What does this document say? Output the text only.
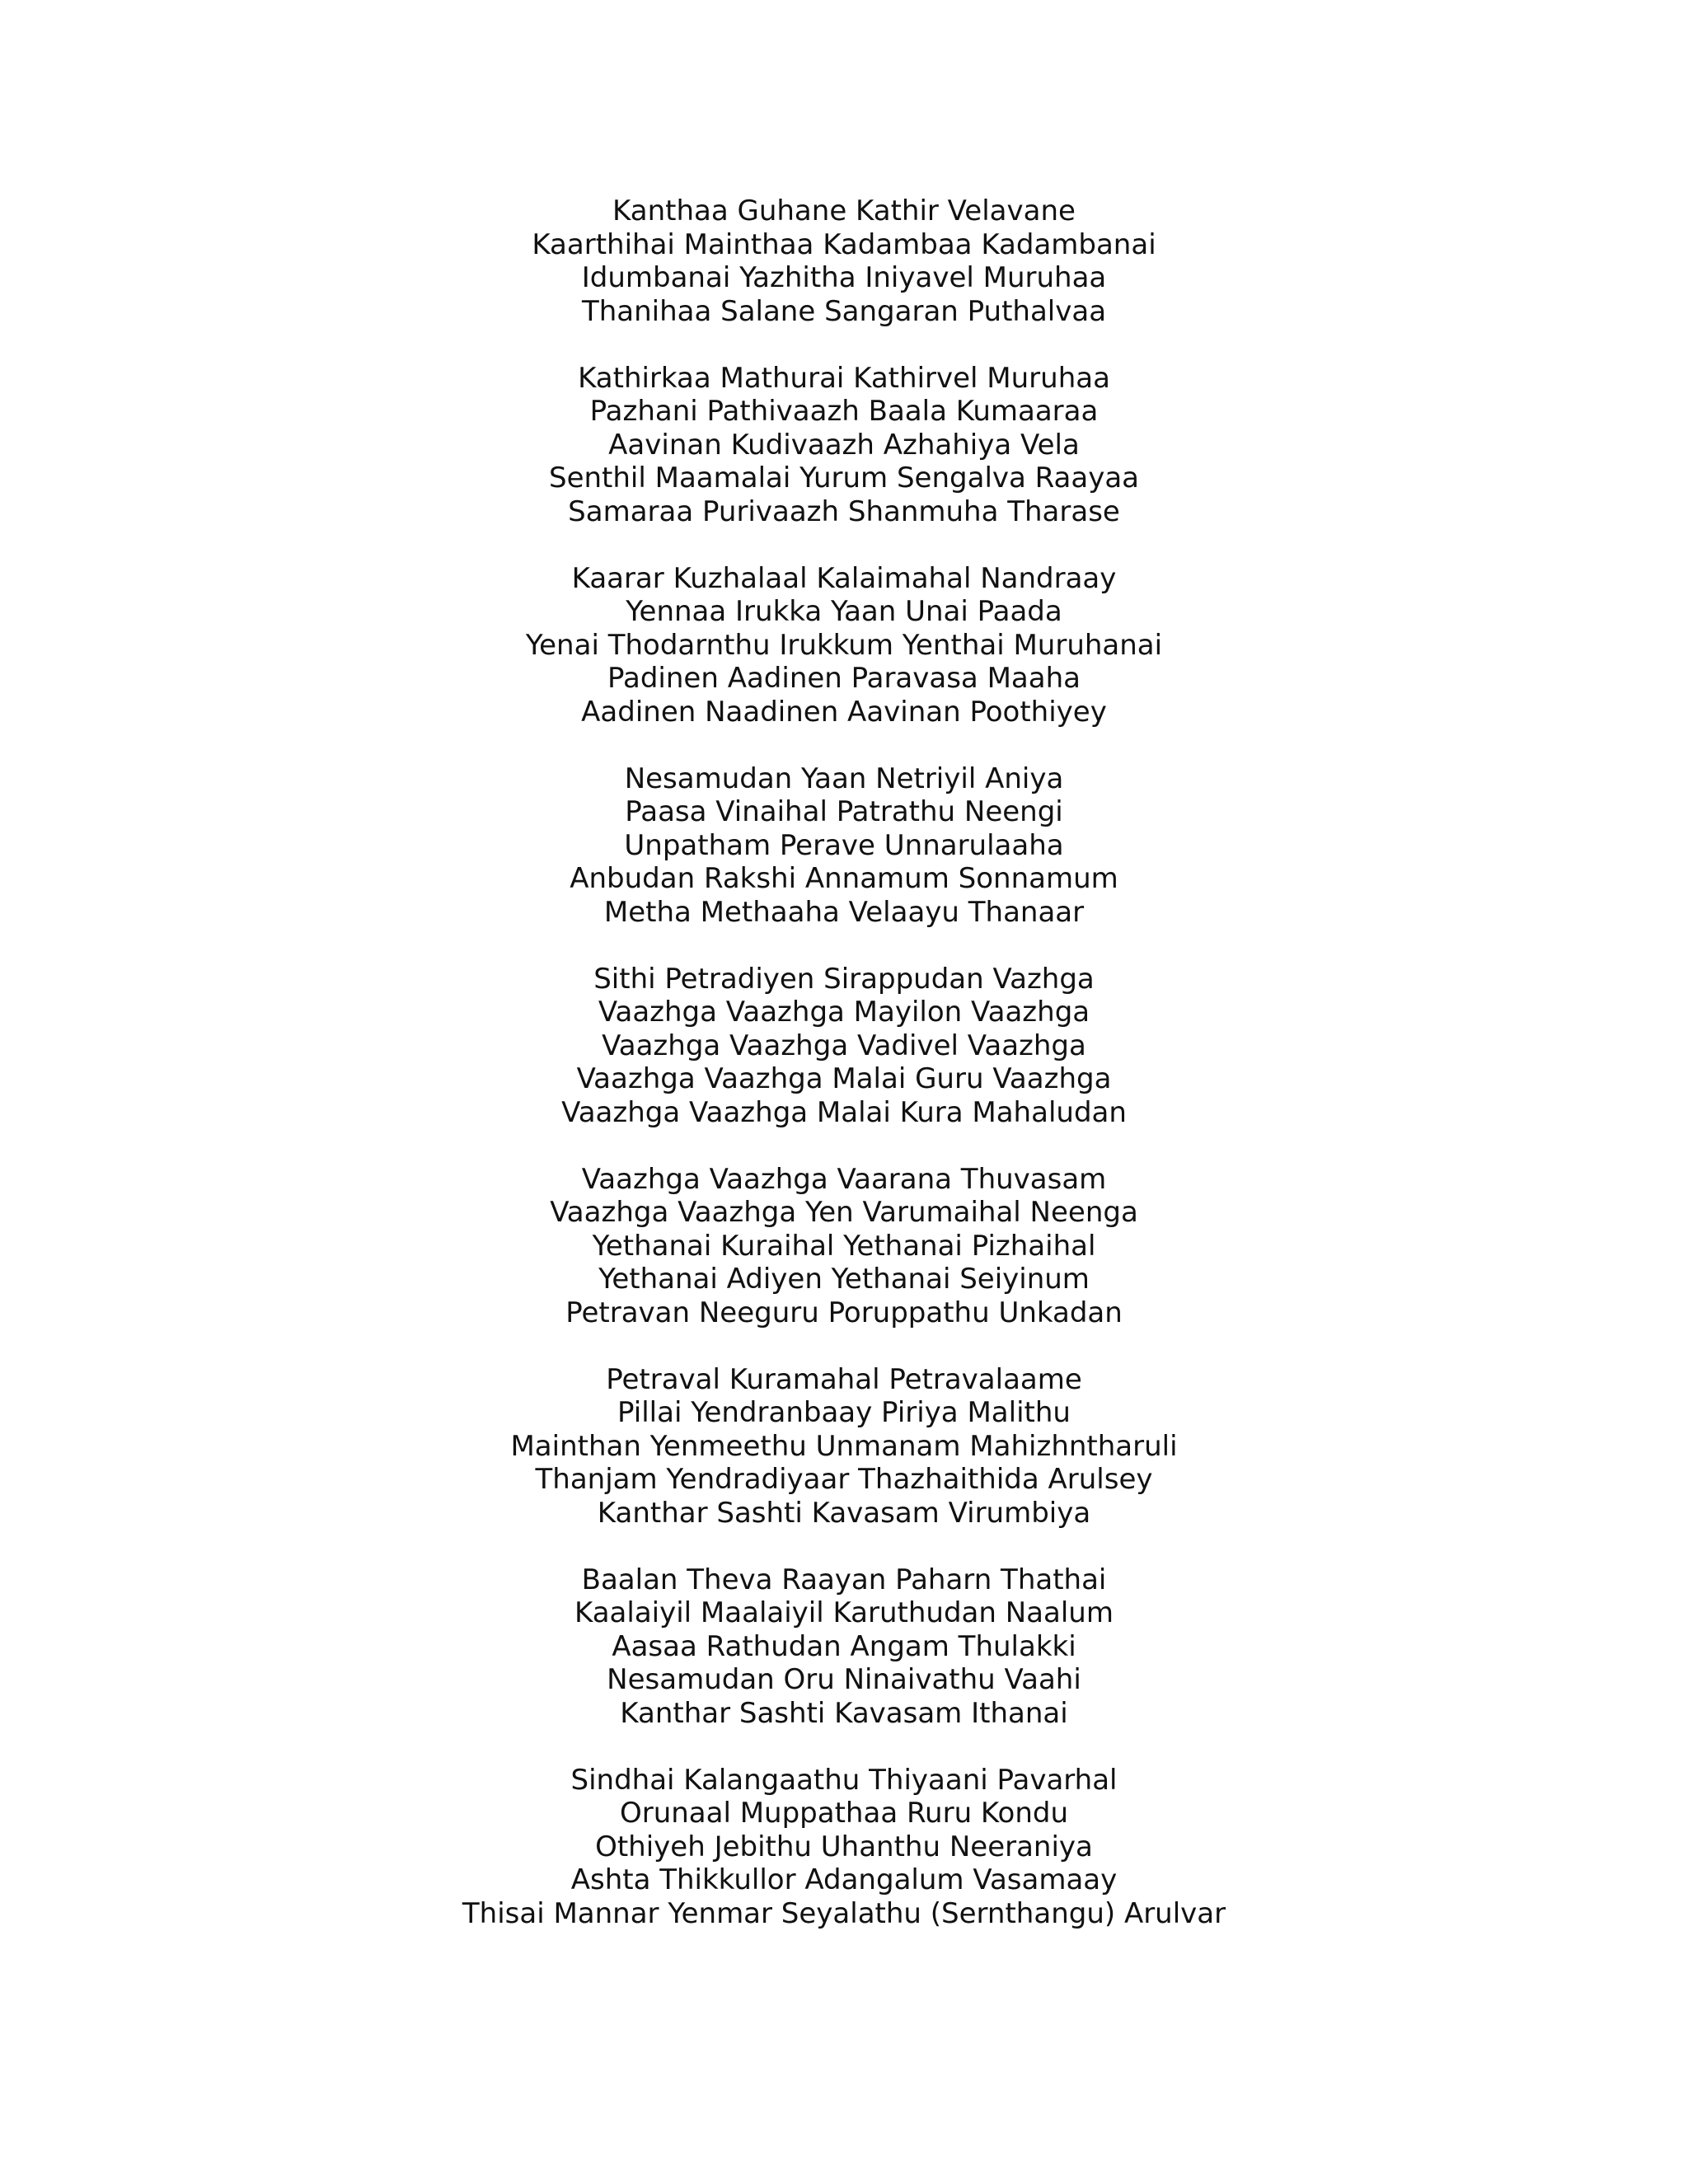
Kanthaa Guhane Kathir Velavane
Kaarthihai Mainthaa Kadambaa Kadambanai
Idumbanai Yazhitha Iniyavel Muruhaa
Thanihaa Salane Sangaran Puthalvaa
Kathirkaa Mathurai Kathirvel Muruhaa
Pazhani Pathivaazh Baala Kumaaraa
Aavinan Kudivaazh Azhahiya Vela
Senthil Maamalai Yurum Sengalva Raayaa
Samaraa Purivaazh Shanmuha Tharase
Kaarar Kuzhalaal Kalaimahal Nandraay
Yennaa Irukka Yaan Unai Paada
Yenai Thodarnthu Irukkum Yenthai Muruhanai
Padinen Aadinen Paravasa Maaha
Aadinen Naadinen Aavinan Poothiyey
Nesamudan Yaan Netriyil Aniya
Paasa Vinaihal Patrathu Neengi
Unpatham Perave Unnarulaaha
Anbudan Rakshi Annamum Sonnamum
Metha Methaaha Velaayu Thanaar
Sithi Petradiyen Sirappudan Vazhga
Vaazhga Vaazhga Mayilon Vaazhga
Vaazhga Vaazhga Vadivel Vaazhga
Vaazhga Vaazhga Malai Guru Vaazhga
Vaazhga Vaazhga Malai Kura Mahaludan
Vaazhga Vaazhga Vaarana Thuvasam
Vaazhga Vaazhga Yen Varumaihal Neenga
Yethanai Kuraihal Yethanai Pizhaihal
Yethanai Adiyen Yethanai Seiyinum
Petravan Neeguru Poruppathu Unkadan
Petraval Kuramahal Petravalaame
Pillai Yendranbaay Piriya Malithu
Mainthan Yenmeethu Unmanam Mahizhntharuli
Thanjam Yendradiyaar Thazhaithida Arulsey
Kanthar Sashti Kavasam Virumbiya
Baalan Theva Raayan Paharn Thathai
Kaalaiyil Maalaiyil Karuthudan Naalum
Aasaa Rathudan Angam Thulakki
Nesamudan Oru Ninaivathu Vaahi
Kanthar Sashti Kavasam Ithanai
Sindhai Kalangaathu Thiyaani Pavarhal
Orunaal Muppathaa Ruru Kondu
Othiyeh Jebithu Uhanthu Neeraniya
Ashta Thikkullor Adangalum Vasamaay
Thisai Mannar Yenmar Seyalathu (Sernthangu) Arulvar
